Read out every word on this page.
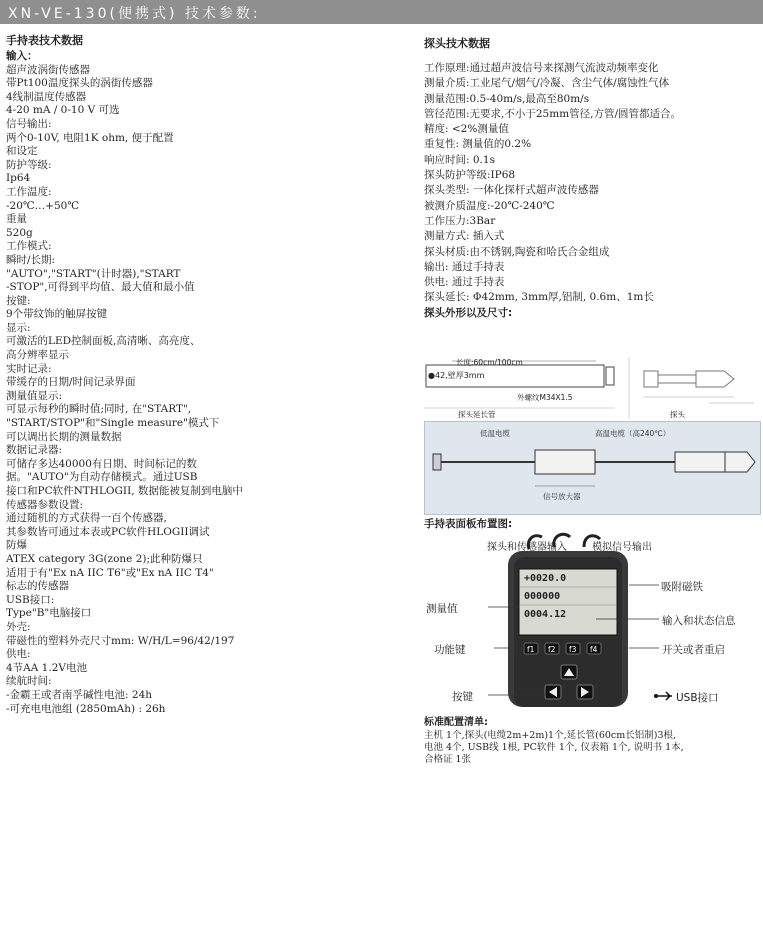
XN-VE-130(便携式) 技术参数:
手持表技术数据
输入：
超声波涡街传感器
带Pt100温度探头的涡街传感器
4线制温度传感器
4-20 mA / 0-10 V 可选
信号输出:
两个0-10V, 电阻1K ohm, 便于配置
和设定
防护等级:
Ip64
工作温度:
-20℃…+50℃
重量
520g
工作模式:
瞬时/长期:
"AUTO","START"(计时器),"START
-STOP",可得到平均值、最大值和最小值
按键:
9个带纹饰的触屏按键
显示:
可激活的LED控制面板,高清晰、高亮度、
高分辨率显示
实时记录:
带缓存的日期/时间记录界面
测量值显示:
可显示每秒的瞬时值;同时, 在"START",
"START/STOP"和"Single measure"模式下
可以调出长期的测量数据
数据记录器:
可储存多达40000有日期、时间标记的数
据。"AUTO"为自动存储模式。通过USB
接口和PC软件NTHLOGII, 数据能被复制到电脑中
传感器参数设置:
通过随机的方式获得一百个传感器,
其参数皆可通过本表或PC软件HLOGII调试
防爆
ATEX category 3G(zone 2);此种防爆只
适用于有"Ex nA IIC T6"或"Ex nA IIC T4"
标志的传感器
USB接口:
Type"B"电脑接口
外壳:
带磁性的塑料外壳尺寸mm: W/H/L=96/42/197
供电:
4节AA 1.2V电池
续航时间:
-金霸王或者南孚碱性电池: 24h
-可充电电池组 (2850mAh) : 26h
探头技术数据
工作原理:通过超声波信号来探测气流波动频率变化
测量介质:工业尾气/烟气/冷凝、含尘气体/腐蚀性气体
测量范围:0.5-40m/s,最高至80m/s
管径范围:无要求,不小于25mm管径,方管/圆管都适合。
精度: <2%测量值
重复性: 测量值的0.2%
响应时间: 0.1s
探头防护等级:IP68
探头类型: 一体化探杆式超声波传感器
被测介质温度:-20℃-240℃
工作压力:3Bar
测量方式: 插入式
探头材质:由不锈钢,陶瓷和哈氏合金组成
输出: 通过手持表
供电: 通过手持表
探头延长: Φ42mm, 3mm厚,铝制, 0.6m、1m长
探头外形以及尺寸:
长度:60cm/100cm
●42,壁厚3mm
外螺纹M34X1.5
探头延长管	探头
低温电缆	高温电缆（高240℃）
信号放大器
手持表面板布置图:
探头和传感器输入	模拟信号输出
吸附磁铁
测量值
输入和状态信息
功能键	开关或者重启
USB接口
按键
+0020.0
000000
0004.12
f1 f2 f3 f4
标准配置清单:
主机 1个,探头(电缆2m+2m)1个,延长管(60cm长铝制)3根,
电池 4个, USB线 1根, PC软件 1个, 仪表箱 1个, 说明书 1本,
合格证 1张
